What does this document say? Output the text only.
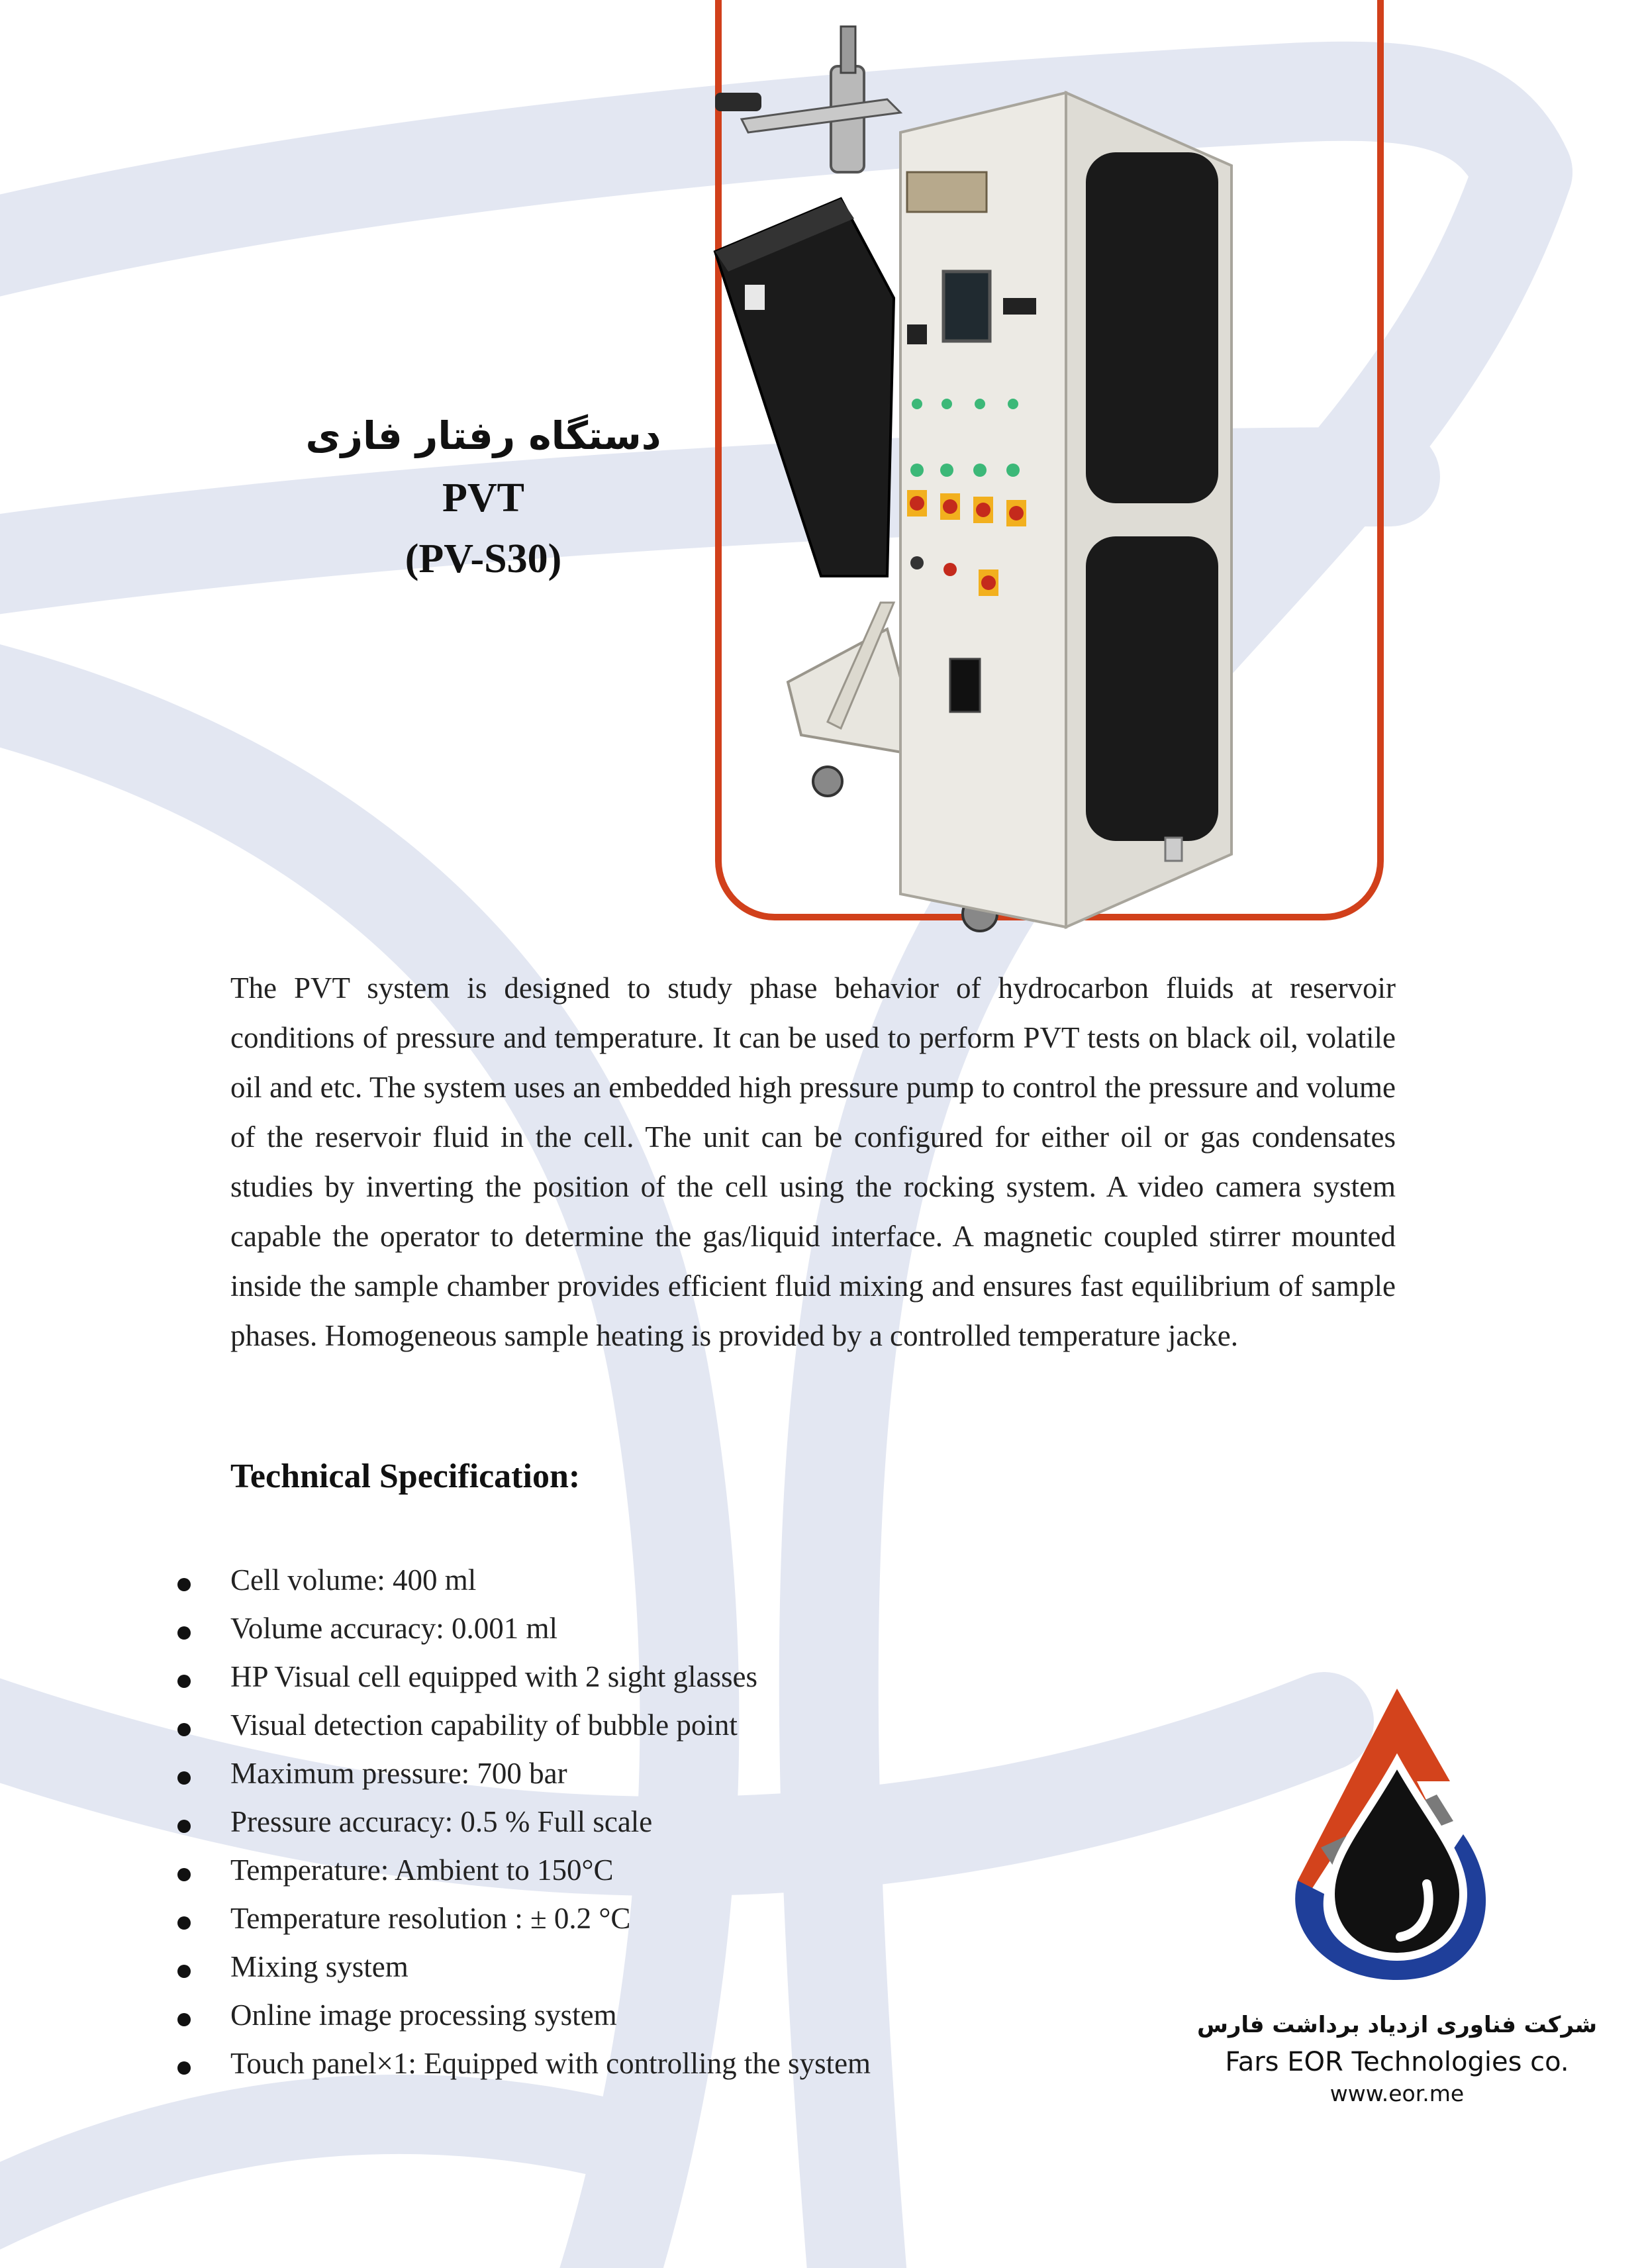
دستگاه رفتار فازی
PVT
(PV-S30)
The PVT system is designed to study phase behavior of hydrocarbon fluids at reservoir conditions of pressure and temperature. It can be used to perform PVT tests on black oil, volatile oil and etc. The system uses an embedded high pressure pump to control the pressure and volume of the reservoir fluid in the cell. The unit can be configured for either oil or gas condensates studies by inverting the position of the cell using the rocking system. A video camera system capable the operator to determine the gas/liquid interface. A magnetic coupled stirrer mounted inside the sample chamber provides efficient fluid mixing and ensures fast equilibrium of sample phases. Homogeneous sample heating is provided by a controlled temperature jacke.
Technical Specification:
Cell volume: 400 ml
Volume accuracy: 0.001 ml
HP Visual cell equipped with 2 sight glasses
Visual detection capability of bubble point
Maximum pressure: 700 bar
Pressure accuracy: 0.5 % Full scale
Temperature: Ambient to 150°C
Temperature resolution : ± 0.2 °C
Mixing system
Online image processing system
Touch panel×1: Equipped with controlling the system
شرکت فناوری ازدیاد برداشت فارس
Fars EOR Technologies co.
www.eor.me
